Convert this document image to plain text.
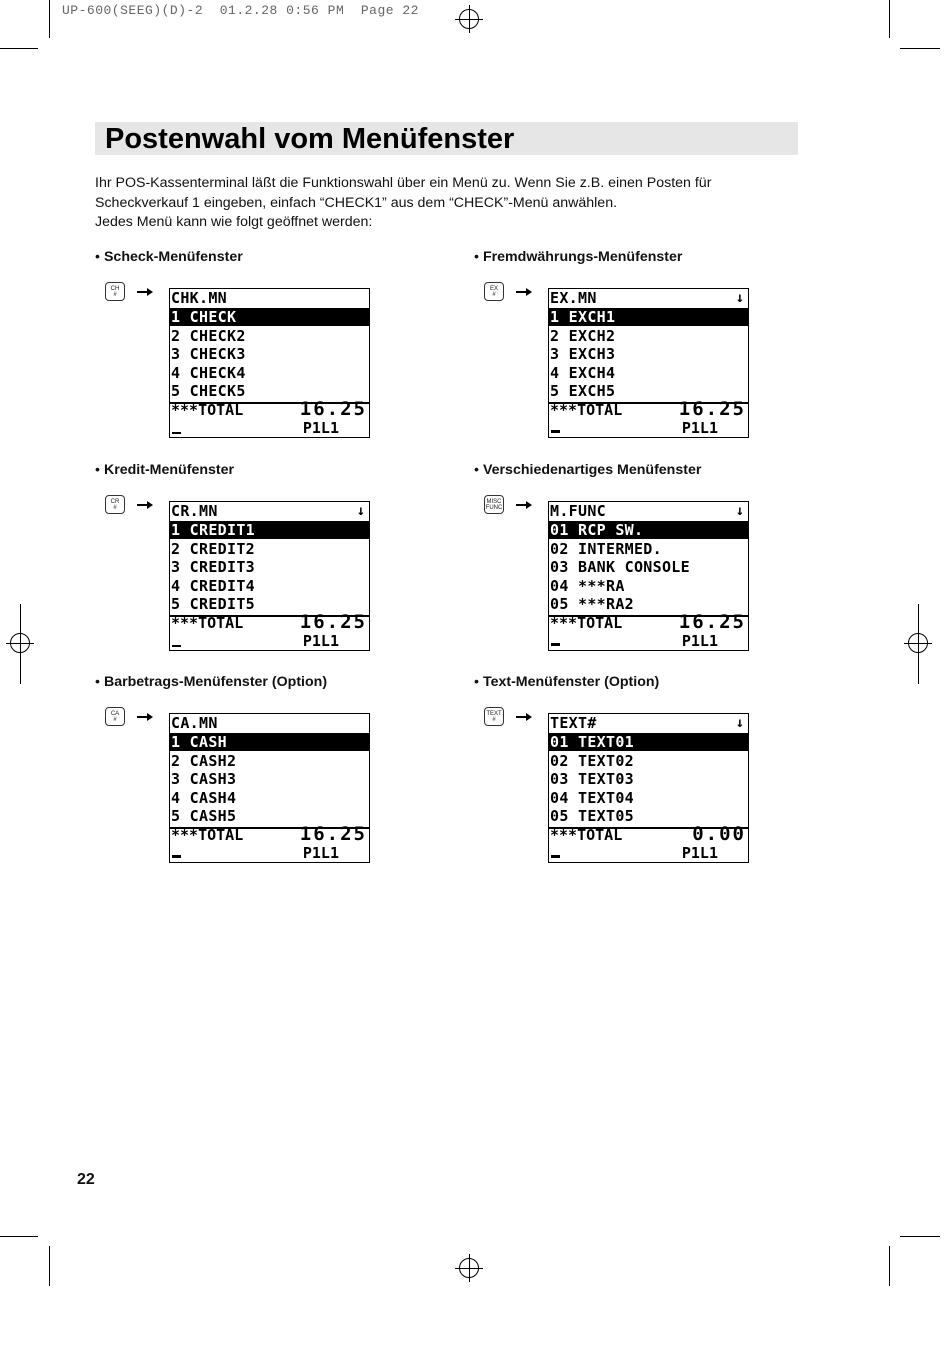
UP-600(SEEG)(D)-2  01.2.28 0:56 PM  Page 22
Postenwahl vom Menüfenster
Ihr POS-Kassenterminal läßt die Funktionswahl über ein Menü zu. Wenn Sie z.B. einen Posten für
Scheckverkauf 1 eingeben, einfach “CHECK1” aus dem “CHECK”-Menü anwählen.
Jedes Menü kann wie folgt geöffnet werden:
• Scheck-Menüfenster
CH
#	CHK.MN
1 CHECK
2 CHECK2
3 CHECK3
4 CHECK4
5 CHECK5
***TOTAL	16.25
P1L1
• Fremdwährungs-Menüfenster
EX
#	EX.MN	↓
1 EXCH1
2 EXCH2
3 EXCH3
4 EXCH4
5 EXCH5
***TOTAL	16.25
P1L1
• Kredit-Menüfenster
CR
#	CR.MN	↓
1 CREDIT1
2 CREDIT2
3 CREDIT3
4 CREDIT4
5 CREDIT5
***TOTAL	16.25
P1L1
• Verschiedenartiges Menüfenster
MISC
FUNC	M.FUNC	↓
01 RCP SW.
02 INTERMED.
03 BANK CONSOLE
04 ***RA
05 ***RA2
***TOTAL	16.25
P1L1
• Barbetrags-Menüfenster (Option)
CA
#	CA.MN
1 CASH
2 CASH2
3 CASH3
4 CASH4
5 CASH5
***TOTAL	16.25
P1L1
• Text-Menüfenster (Option)
TEXT
#	TEXT#	↓
01 TEXT01
02 TEXT02
03 TEXT03
04 TEXT04
05 TEXT05
***TOTAL	0.00
P1L1
22
